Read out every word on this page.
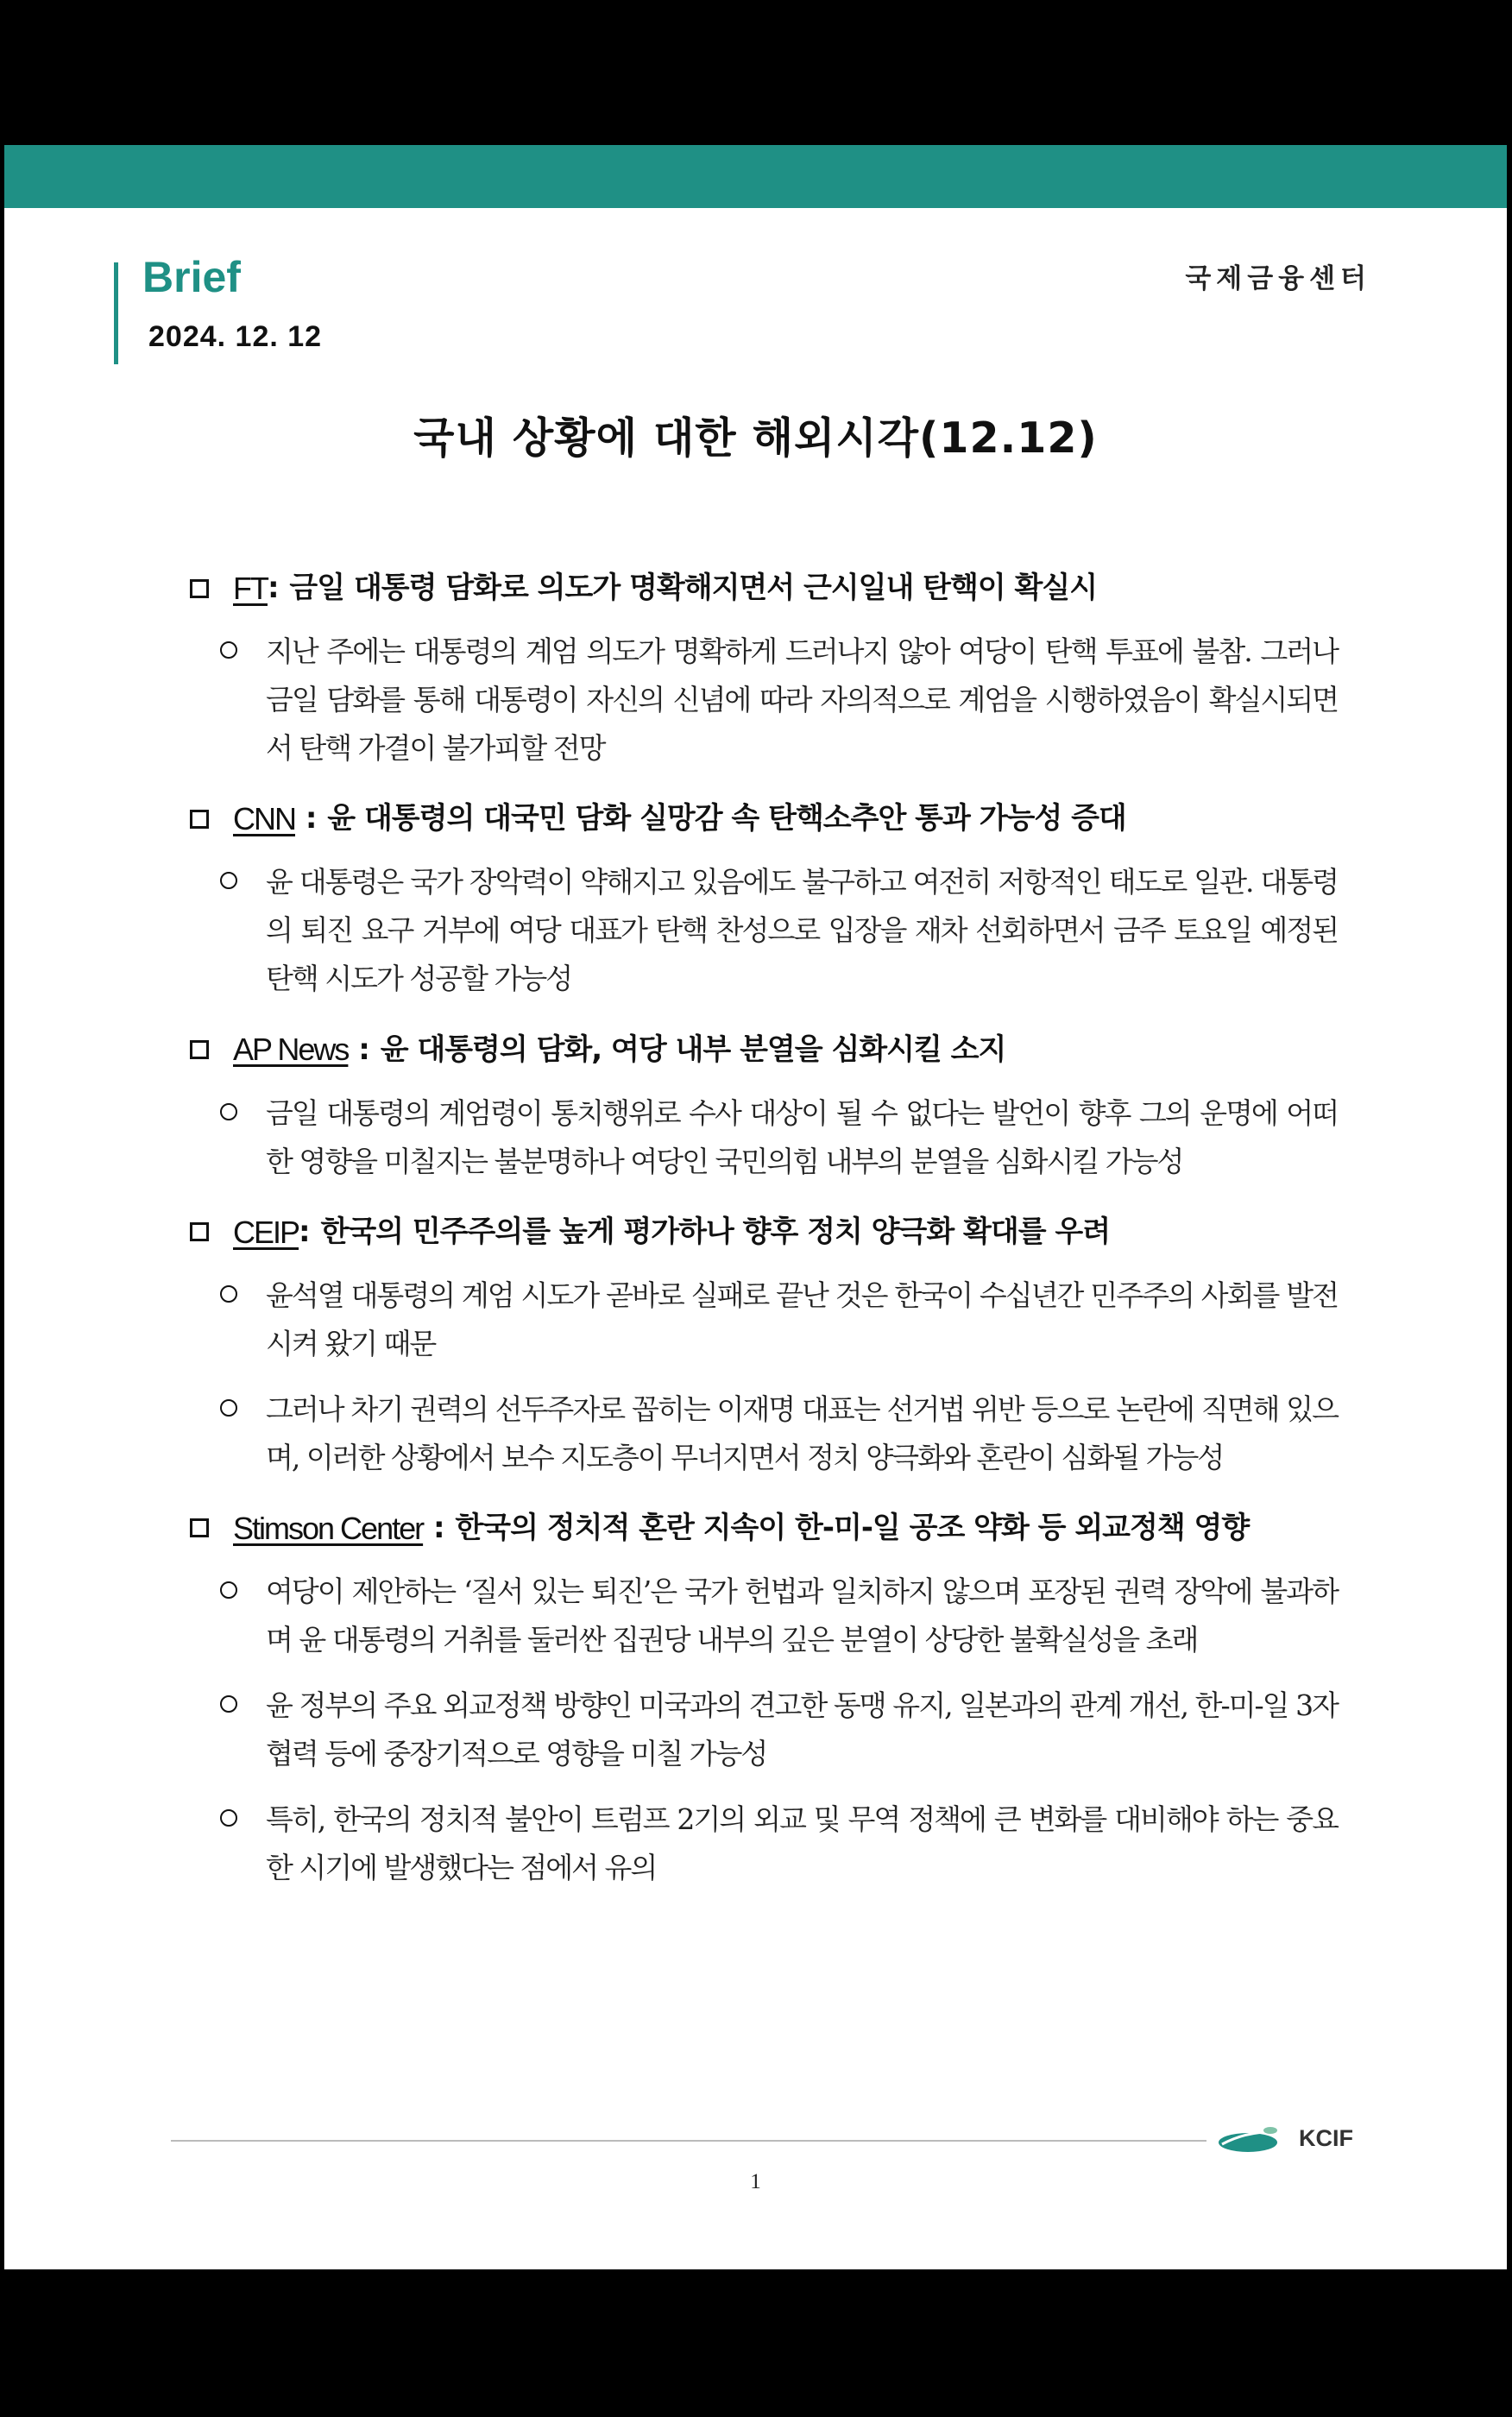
Brief
2024. 12. 12
국제금융센터
국내 상황에 대한 해외시각(12.12)
FT : 금일 대통령 담화로 의도가 명확해지면서 근시일내 탄핵이 확실시
지난 주에는 대통령의 계엄 의도가 명확하게 드러나지 않아 여당이 탄핵 투표에 불참. 그러나 금일 담화를 통해 대통령이 자신의 신념에 따라 자의적으로 계엄을 시행하였음이 확실시되면서 탄핵 가결이 불가피할 전망
CNN : 윤 대통령의 대국민 담화 실망감 속 탄핵소추안 통과 가능성 증대
윤 대통령은 국가 장악력이 약해지고 있음에도 불구하고 여전히 저항적인 태도로 일관. 대통령의 퇴진 요구 거부에 여당 대표가 탄핵 찬성으로 입장을 재차 선회하면서 금주 토요일 예정된 탄핵 시도가 성공할 가능성
AP News : 윤 대통령의 담화, 여당 내부 분열을 심화시킬 소지
금일 대통령의 계엄령이 통치행위로 수사 대상이 될 수 없다는 발언이 향후 그의 운명에 어떠한 영향을 미칠지는 불분명하나 여당인 국민의힘 내부의 분열을 심화시킬 가능성
CEIP : 한국의 민주주의를 높게 평가하나 향후 정치 양극화 확대를 우려
윤석열 대통령의 계엄 시도가 곧바로 실패로 끝난 것은 한국이 수십년간 민주주의 사회를 발전시켜 왔기 때문
그러나 차기 권력의 선두주자로 꼽히는 이재명 대표는 선거법 위반 등으로 논란에 직면해 있으며, 이러한 상황에서 보수 지도층이 무너지면서 정치 양극화와 혼란이 심화될 가능성
Stimson Center : 한국의 정치적 혼란 지속이 한-미-일 공조 약화 등 외교정책 영향
여당이 제안하는 ‘질서 있는 퇴진’은 국가 헌법과 일치하지 않으며 포장된 권력 장악에 불과하며 윤 대통령의 거취를 둘러싼 집권당 내부의 깊은 분열이 상당한 불확실성을 초래
윤 정부의 주요 외교정책 방향인 미국과의 견고한 동맹 유지, 일본과의 관계 개선, 한-미-일 3자 협력 등에 중장기적으로 영향을 미칠 가능성
특히, 한국의 정치적 불안이 트럼프 2기의 외교 및 무역 정책에 큰 변화를 대비해야 하는 중요한 시기에 발생했다는 점에서 유의
KCIF
1
